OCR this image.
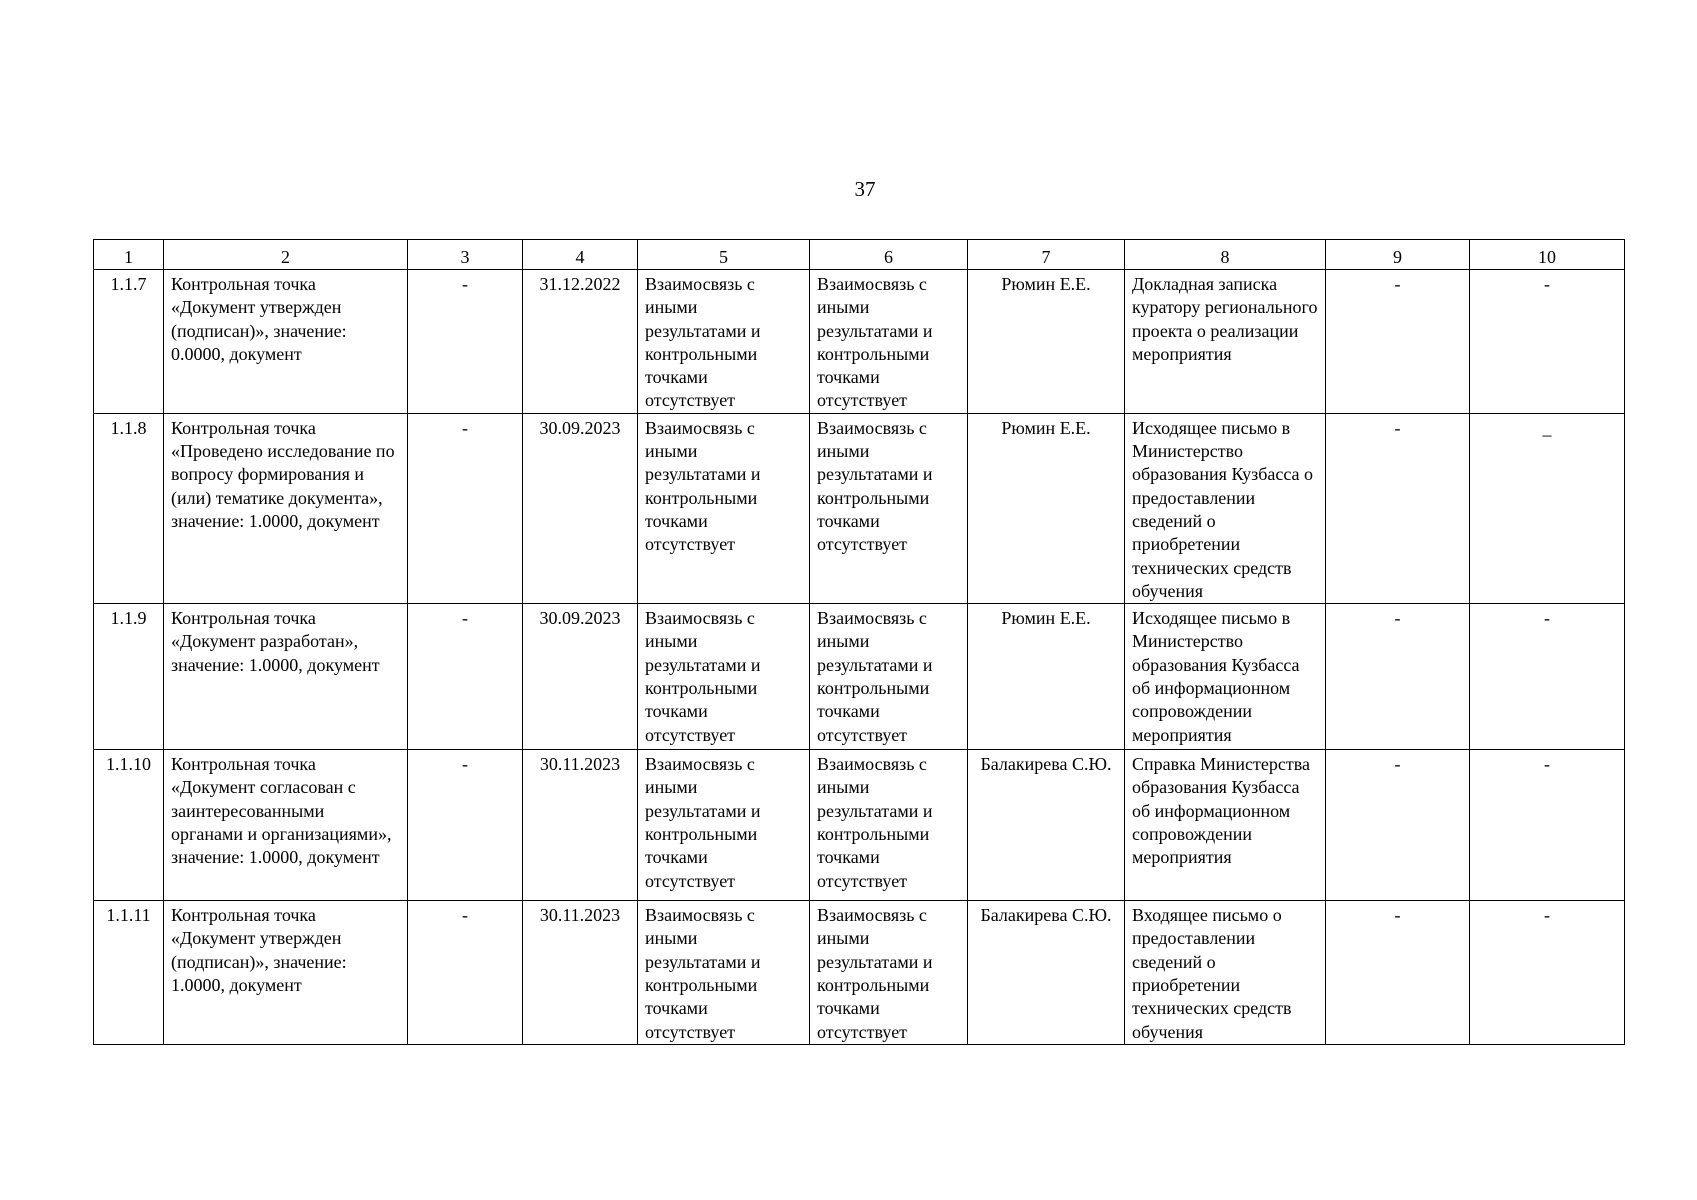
37
1	2	3	4	5	6	7	8	9	10
1.1.7	Контрольная точка «Документ утвержден (подписан)», значение: 0.0000, документ	-	31.12.2022	Взаимосвязь с иными результатами и контрольными точками отсутствует	Взаимосвязь с иными результатами и контрольными точками отсутствует	Рюмин Е.Е.	Докладная записка куратору регионального проекта о реализации мероприятия	-	-
1.1.8	Контрольная точка «Проведено исследование по вопросу формирования и (или) тематике документа», значение: 1.0000, документ	-	30.09.2023	Взаимосвязь с иными результатами и контрольными точками отсутствует	Взаимосвязь с иными результатами и контрольными точками отсутствует	Рюмин Е.Е.	Исходящее письмо в Министерство образования Кузбасса о предоставлении сведений о приобретении технических средств обучения	-	_
1.1.9	Контрольная точка «Документ разработан», значение: 1.0000, документ	-	30.09.2023	Взаимосвязь с иными результатами и контрольными точками отсутствует	Взаимосвязь с иными результатами и контрольными точками отсутствует	Рюмин Е.Е.	Исходящее письмо в Министерство образования Кузбасса об информационном сопровождении мероприятия	-	-
1.1.10	Контрольная точка «Документ согласован с заинтересованными органами и организациями», значение: 1.0000, документ	-	30.11.2023	Взаимосвязь с иными результатами и контрольными точками отсутствует	Взаимосвязь с иными результатами и контрольными точками отсутствует	Балакирева С.Ю.	Справка Министерства образования Кузбасса об информационном сопровождении мероприятия	-	-
1.1.11	Контрольная точка «Документ утвержден (подписан)», значение: 1.0000, документ	-	30.11.2023	Взаимосвязь с иными результатами и контрольными точками отсутствует	Взаимосвязь с иными результатами и контрольными точками отсутствует	Балакирева С.Ю.	Входящее письмо о предоставлении сведений о приобретении технических средств обучения	-	-
